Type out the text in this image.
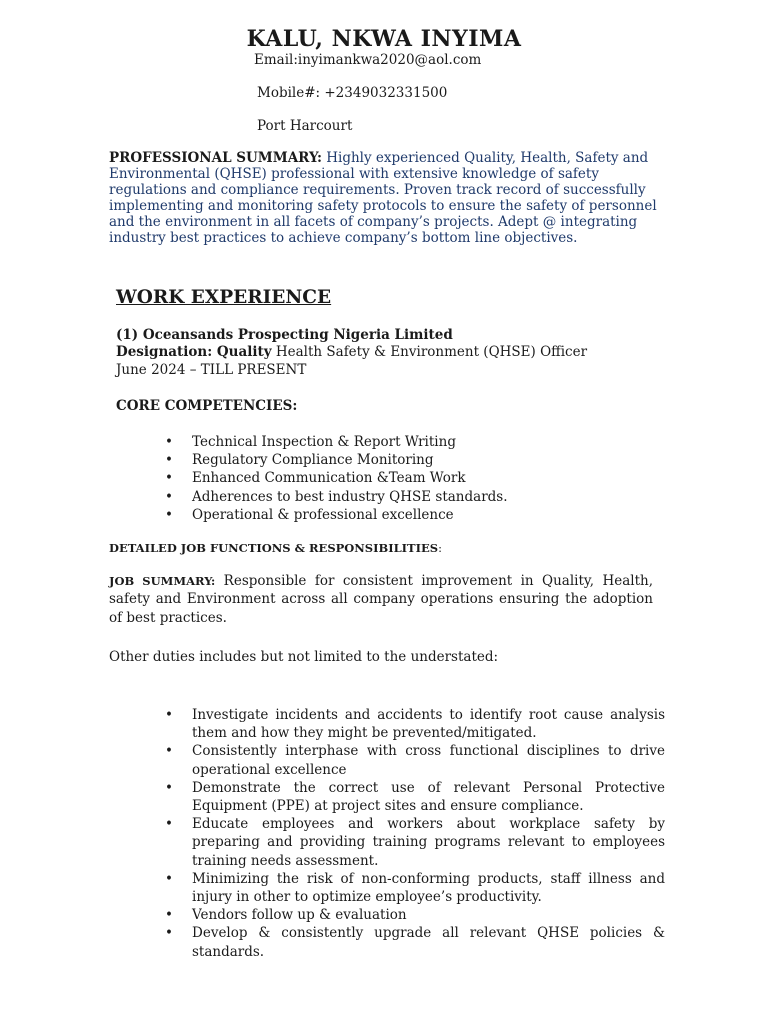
KALU, NKWA INYIMA
Email:inyimankwa2020@aol.com
Mobile#: +2349032331500
Port Harcourt
PROFESSIONAL SUMMARY: Highly experienced Quality, Health, Safety and Environmental (QHSE) professional with extensive knowledge of safety regulations and compliance requirements. Proven track record of successfully implementing and monitoring safety protocols to ensure the safety of personnel and the environment in all facets of company’s projects. Adept @ integrating industry best practices to achieve company’s bottom line objectives.
WORK EXPERIENCE
(1) Oceansands Prospecting Nigeria Limited
Designation: Quality Health Safety & Environment (QHSE) Officer
June 2024 – TILL PRESENT
CORE COMPETENCIES:
• Technical Inspection & Report Writing
• Regulatory Compliance Monitoring
• Enhanced Communication &Team Work
• Adherences to best industry QHSE standards.
• Operational & professional excellence
DETAILED JOB FUNCTIONS & RESPONSIBILITIES:
JOB SUMMARY: Responsible for consistent improvement in Quality, Health, safety and Environment across all company operations ensuring the adoption of best practices.
Other duties includes but not limited to the understated:
• Investigate incidents and accidents to identify root cause analysis them and how they might be prevented/mitigated.
• Consistently interphase with cross functional disciplines to drive operational excellence
• Demonstrate the correct use of relevant Personal Protective Equipment (PPE) at project sites and ensure compliance.
• Educate employees and workers about workplace safety by preparing and providing training programs relevant to employees training needs assessment.
• Minimizing the risk of non-conforming products, staff illness and injury in other to optimize employee’s productivity.
• Vendors follow up & evaluation
• Develop & consistently upgrade all relevant QHSE policies & standards.
